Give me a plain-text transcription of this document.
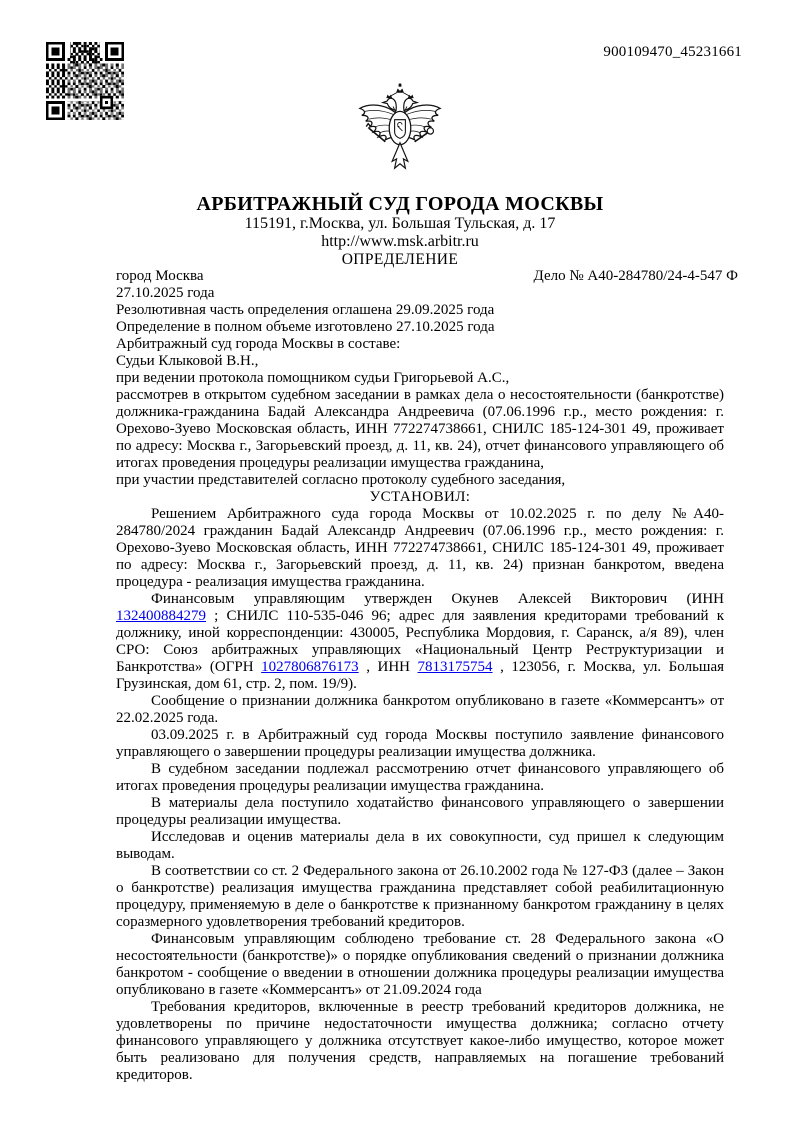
900109470_45231661
АРБИТРАЖНЫЙ СУД ГОРОДА МОСКВЫ
115191, г.Москва, ул. Большая Тульская, д. 17
http://www.msk.arbitr.ru
ОПРЕДЕЛЕНИЕ
город Москва	Дело № А40-284780/24-4-547 Ф
27.10.2025 года
Резолютивная часть определения оглашена 29.09.2025 года
Определение в полном объеме изготовлено 27.10.2025 года
Арбитражный суд города Москвы в составе:
Судьи Клыковой В.Н.,
при ведении протокола помощником судьи Григорьевой А.С.,
рассмотрев в открытом судебном заседании в рамках дела о несостоятельности (банкротстве) должника-гражданина Бадай Александра Андреевича (07.06.1996 г.р., место рождения: г. Орехово-Зуево Московская область, ИНН 772274738661, СНИЛС 185-124-301 49, проживает по адресу: Москва г., Загорьевский проезд, д. 11, кв. 24), отчет финансового управляющего об итогах проведения процедуры реализации имущества гражданина,
при участии представителей согласно протоколу судебного заседания,
УСТАНОВИЛ:
Решением Арбитражного суда города Москвы от 10.02.2025 г. по делу №А40-284780/2024 гражданин Бадай Александр Андреевич (07.06.1996 г.р., место рождения: г. Орехово-Зуево Московская область, ИНН 772274738661, СНИЛС 185-124-301 49, проживает по адресу: Москва г., Загорьевский проезд, д. 11, кв. 24) признан банкротом, введена процедура - реализация имущества гражданина.
Финансовым управляющим утвержден Окунев Алексей Викторович (ИНН 132400884279 ; СНИЛС 110-535-046 96; адрес для заявления кредиторами требований к должнику, иной корреспонденции: 430005, Республика Мордовия, г. Саранск, а/я 89), член СРО: Союз арбитражных управляющих «Национальный Центр Реструктуризации и Банкротства» (ОГРН 1027806876173 , ИНН 7813175754 , 123056, г. Москва, ул. Большая Грузинская, дом 61, стр. 2, пом. 19/9).
Сообщение о признании должника банкротом опубликовано в газете «Коммерсантъ» от 22.02.2025 года.
03.09.2025 г. в Арбитражный суд города Москвы поступило заявление финансового управляющего о завершении процедуры реализации имущества должника.
В судебном заседании подлежал рассмотрению отчет финансового управляющего об итогах проведения процедуры реализации имущества гражданина.
В материалы дела поступило ходатайство финансового управляющего о завершении процедуры реализации имущества.
Исследовав и оценив материалы дела в их совокупности, суд пришел к следующим выводам.
В соответствии со ст. 2 Федерального закона от 26.10.2002 года № 127-ФЗ (далее – Закон о банкротстве) реализация имущества гражданина представляет собой реабилитационную процедуру, применяемую в деле о банкротстве к признанному банкротом гражданину в целях соразмерного удовлетворения требований кредиторов.
Финансовым управляющим соблюдено требование ст. 28 Федерального закона «О несостоятельности (банкротстве)» о порядке опубликования сведений о признании должника банкротом - сообщение о введении в отношении должника процедуры реализации имущества опубликовано в газете «Коммерсантъ» от 21.09.2024 года
Требования кредиторов, включенные в реестр требований кредиторов должника, не удовлетворены по причине недостаточности имущества должника; согласно отчету финансового управляющего у должника отсутствует какое-либо имущество, которое может быть реализовано для получения средств, направляемых на погашение требований кредиторов.
